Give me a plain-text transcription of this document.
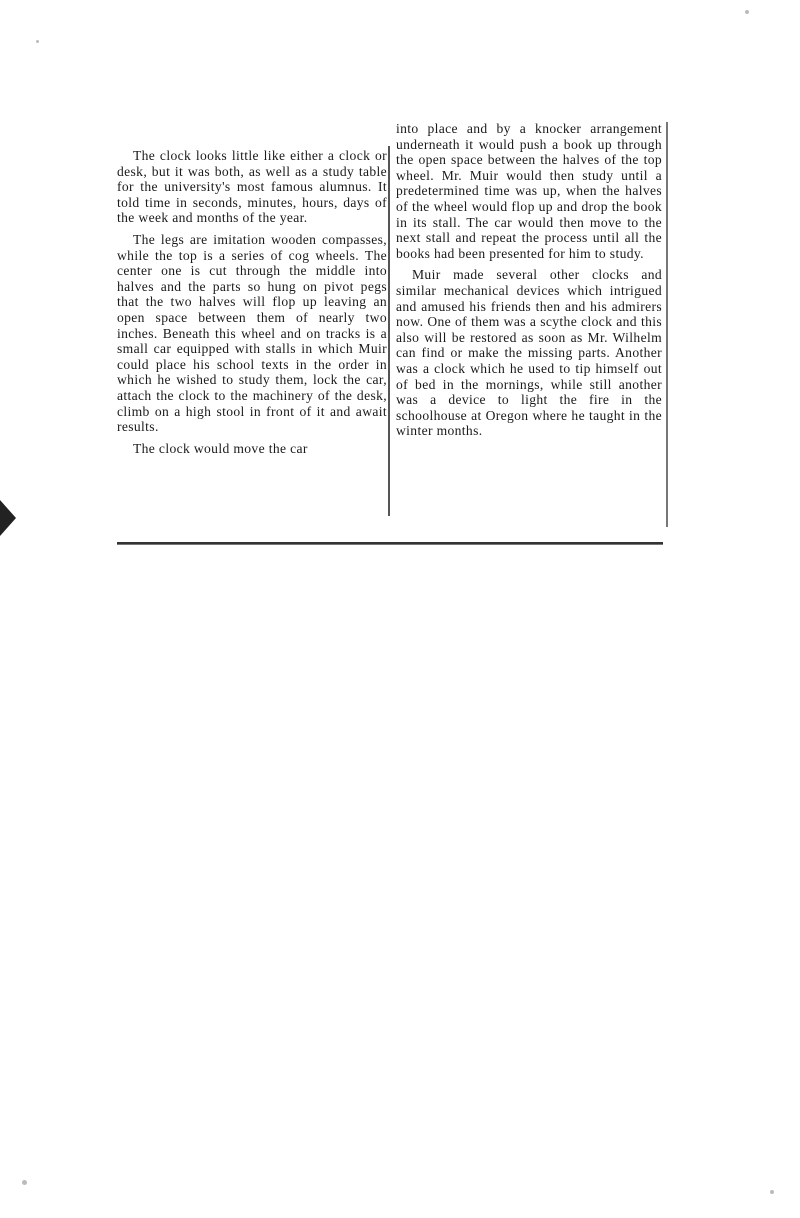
The clock looks little like either a clock or desk, but it was both, as well as a study table for the university's most famous alumnus. It told time in seconds, minutes, hours, days of the week and months of the year.

The legs are imitation wooden compasses, while the top is a series of cog wheels. The center one is cut through the middle into halves and the parts so hung on pivot pegs that the two halves will flop up leaving an open space between them of nearly two inches. Beneath this wheel and on tracks is a small car equipped with stalls in which Muir could place his school texts in the order in which he wished to study them, lock the car, attach the clock to the machinery of the desk, climb on a high stool in front of it and await results.

The clock would move the car

into place and by a knocker arrangement underneath it would push a book up through the open space between the halves of the top wheel. Mr. Muir would then study until a predetermined time was up, when the halves of the wheel would flop up and drop the book in its stall. The car would then move to the next stall and repeat the process until all the books had been presented for him to study.

Muir made several other clocks and similar mechanical devices which intrigued and amused his friends then and his admirers now. One of them was a scythe clock and this also will be restored as soon as Mr. Wilhelm can find or make the missing parts. Another was a clock which he used to tip himself out of bed in the mornings, while still another was a device to light the fire in the schoolhouse at Oregon where he taught in the winter months.
